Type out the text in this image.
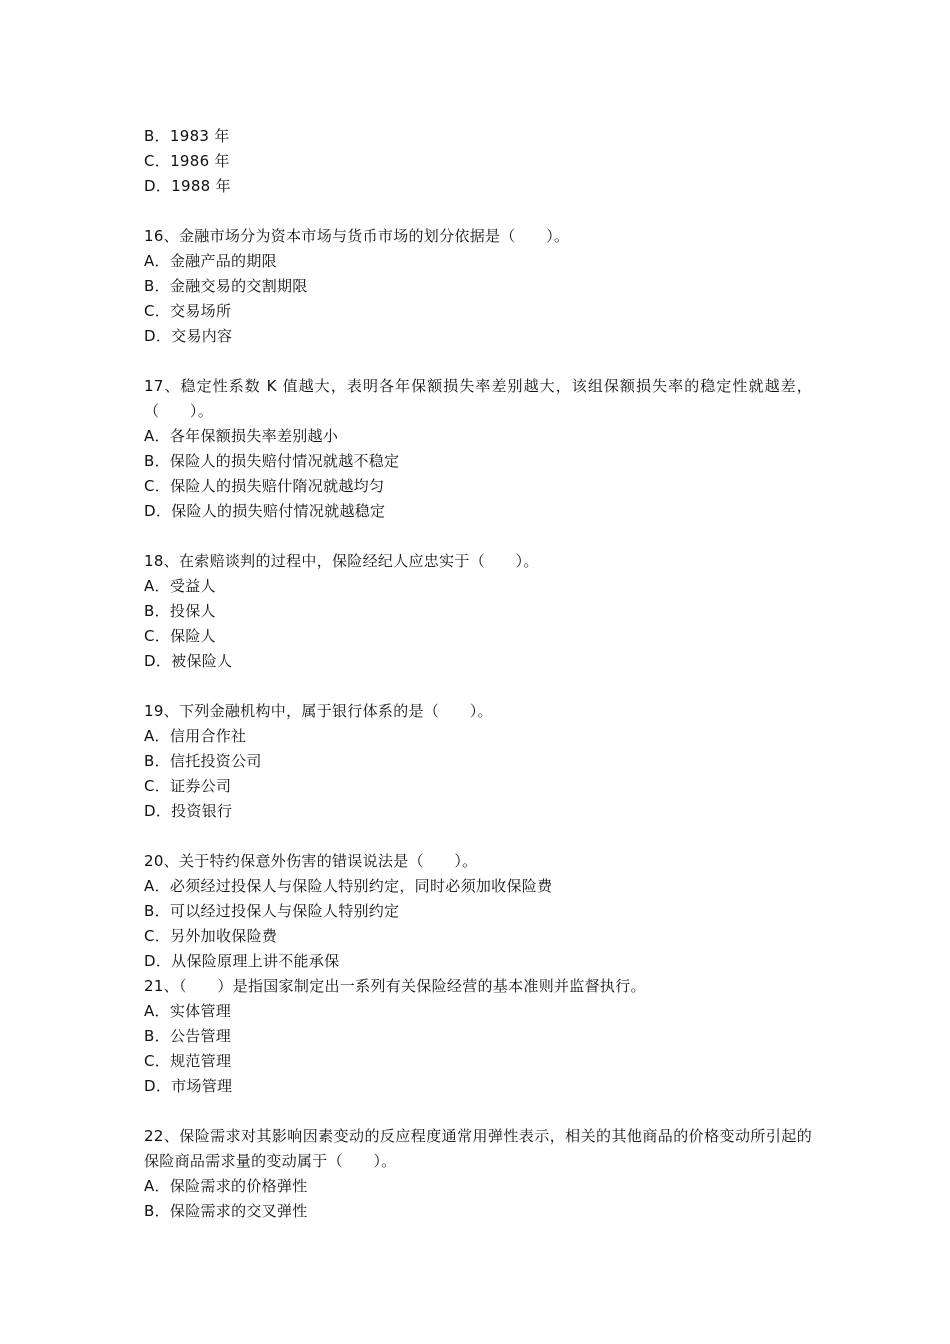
B．1983 年
C．1986 年
D．1988 年
16、金融市场分为资本市场与货币市场的划分依据是（　　）。
A．金融产品的期限
B．金融交易的交割期限
C．交易场所
D．交易内容
17、稳定性系数 K 值越大，表明各年保额损失率差别越大，该组保额损失率的稳定性就越差，（　　）。
A．各年保额损失率差别越小
B．保险人的损失赔付情况就越不稳定
C．保险人的损失赔什隋况就越均匀
D．保险人的损失赔付情况就越稳定
18、在索赔谈判的过程中，保险经纪人应忠实于（　　）。
A．受益人
B．投保人
C．保险人
D．被保险人
19、下列金融机构中，属于银行体系的是（　　）。
A．信用合作社
B．信托投资公司
C．证券公司
D．投资银行
20、关于特约保意外伤害的错误说法是（　　）。
A．必须经过投保人与保险人特别约定，同时必须加收保险费
B．可以经过投保人与保险人特别约定
C．另外加收保险费
D．从保险原理上讲不能承保
21、（　　）是指国家制定出一系列有关保险经营的基本准则并监督执行。
A．实体管理
B．公告管理
C．规范管理
D．市场管理
22、保险需求对其影响因素变动的反应程度通常用弹性表示，相关的其他商品的价格变动所引起的保险商品需求量的变动属于（　　）。
A．保险需求的价格弹性
B．保险需求的交叉弹性
